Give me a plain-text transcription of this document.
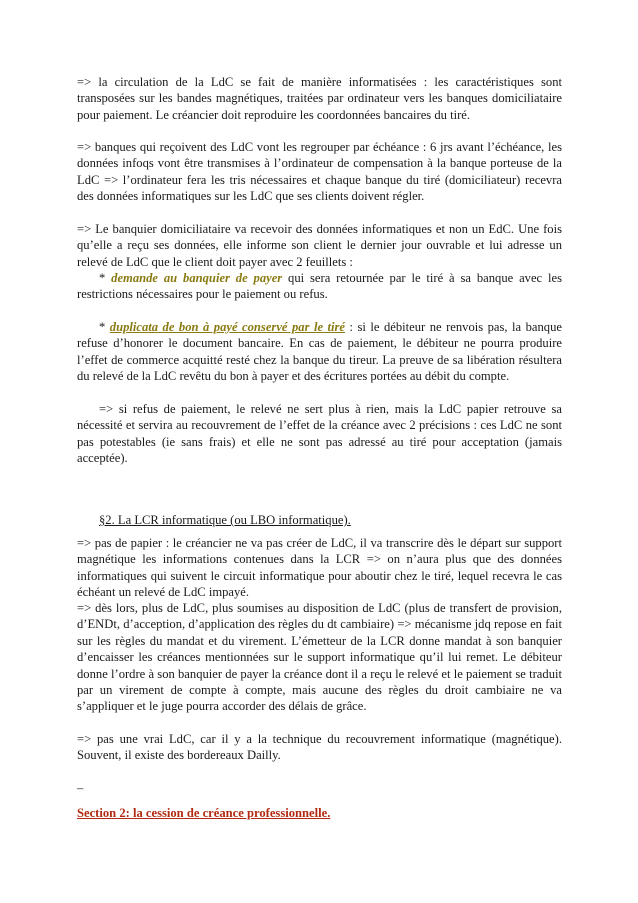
=> la circulation de la LdC se fait de manière informatisées : les caractéristiques sont transposées sur les bandes magnétiques, traitées par ordinateur vers les banques domiciliataire pour paiement. Le créancier doit reproduire les coordonnées bancaires du tiré.

=> banques qui reçoivent des LdC vont les regrouper par échéance : 6 jrs avant l’échéance, les données infoqs vont être transmises à l’ordinateur de compensation à la banque porteuse de la LdC => l’ordinateur fera les tris nécessaires et chaque banque du tiré (domiciliateur) recevra des données informatiques sur les LdC que ses clients doivent régler.

=> Le banquier domiciliataire va recevoir des données informatiques et non un EdC. Une fois qu’elle a reçu ses données, elle informe son client le dernier jour ouvrable et lui adresse un relevé de LdC que le client doit payer avec 2 feuillets :

* demande au banquier de payer qui sera retournée par le tiré à sa banque avec les restrictions nécessaires pour le paiement ou refus.

* duplicata de bon à payé conservé par le tiré : si le débiteur ne renvois pas, la banque refuse d’honorer le document bancaire. En cas de paiement, le débiteur ne pourra produire l’effet de commerce acquitté resté chez la banque du tireur. La preuve de sa libération résultera du relevé de la LdC revêtu du bon à payer et des écritures portées au débit du compte.

=> si refus de paiement, le relevé ne sert plus à rien, mais la LdC papier retrouve sa nécessité et servira au recouvrement de l’effet de la créance avec 2 précisions : ces LdC ne sont pas potestables (ie sans frais) et elle ne sont pas adressé au tiré pour acceptation (jamais acceptée).

§2. La LCR informatique (ou LBO informatique).

=> pas de papier : le créancier ne va pas créer de LdC, il va transcrire dès le départ sur support magnétique les informations contenues dans la LCR => on n’aura plus que des données informatiques qui suivent le circuit informatique pour aboutir chez le tiré, lequel recevra le cas échéant un relevé de LdC impayé.

=> dès lors, plus de LdC, plus soumises au disposition de LdC (plus de transfert de provision, d’ENDt, d’acception, d’application des règles du dt cambiaire) => mécanisme jdq repose en fait sur les règles du mandat et du virement. L’émetteur de la LCR donne mandat à son banquier d’encaisser les créances mentionnées sur le support informatique qu’il lui remet. Le débiteur donne l’ordre à son banquier de payer la créance dont il a reçu le relevé et le paiement se traduit par un virement de compte à compte, mais aucune des règles du droit cambiaire ne va s’appliquer et le juge pourra accorder des délais de grâce.

=> pas une vrai LdC, car il y a la technique du recouvrement informatique (magnétique). Souvent, il existe des bordereaux Dailly.

–

Section 2: la cession de créance professionnelle.
